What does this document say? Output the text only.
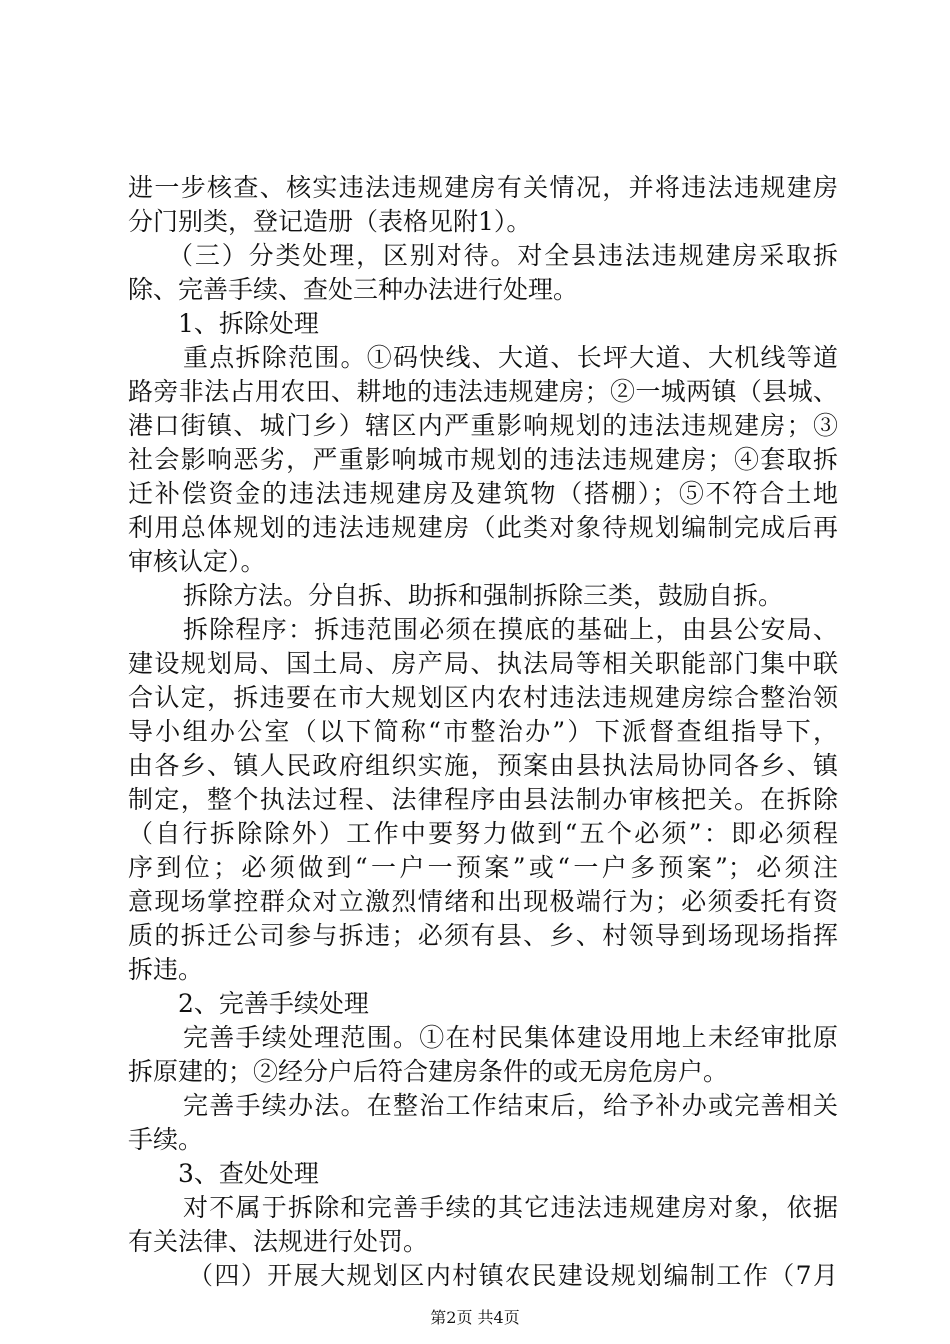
进一步核查、核实违法违规建房有关情况，并将违法违规建房
分门别类，登记造册（表格见附1）。
（三）分类处理，区别对待。对全县违法违规建房采取拆
除、完善手续、查处三种办法进行处理。
1、拆除处理
重点拆除范围。①码快线、大道、长坪大道、大机线等道
路旁非法占用农田、耕地的违法违规建房；②一城两镇（县城、
港口街镇、城门乡）辖区内严重影响规划的违法违规建房；③
社会影响恶劣，严重影响城市规划的违法违规建房；④套取拆
迁补偿资金的违法违规建房及建筑物（搭棚）；⑤不符合土地
利用总体规划的违法违规建房（此类对象待规划编制完成后再
审核认定）。
拆除方法。分自拆、助拆和强制拆除三类，鼓励自拆。
拆除程序：拆违范围必须在摸底的基础上，由县公安局、
建设规划局、国土局、房产局、执法局等相关职能部门集中联
合认定，拆违要在市大规划区内农村违法违规建房综合整治领
导小组办公室（以下简称“市整治办”）下派督查组指导下，
由各乡、镇人民政府组织实施，预案由县执法局协同各乡、镇
制定，整个执法过程、法律程序由县法制办审核把关。在拆除
（自行拆除除外）工作中要努力做到“五个必须”：即必须程
序到位；必须做到“一户一预案”或“一户多预案”；必须注
意现场掌控群众对立激烈情绪和出现极端行为；必须委托有资
质的拆迁公司参与拆违；必须有县、乡、村领导到场现场指挥
拆违。
2、完善手续处理
完善手续处理范围。①在村民集体建设用地上未经审批原
拆原建的；②经分户后符合建房条件的或无房危房户。
完善手续办法。在整治工作结束后，给予补办或完善相关
手续。
3、查处处理
对不属于拆除和完善手续的其它违法违规建房对象，依据
有关法律、法规进行处罚。
（四）开展大规划区内村镇农民建设规划编制工作（7月
第2页 共4页
